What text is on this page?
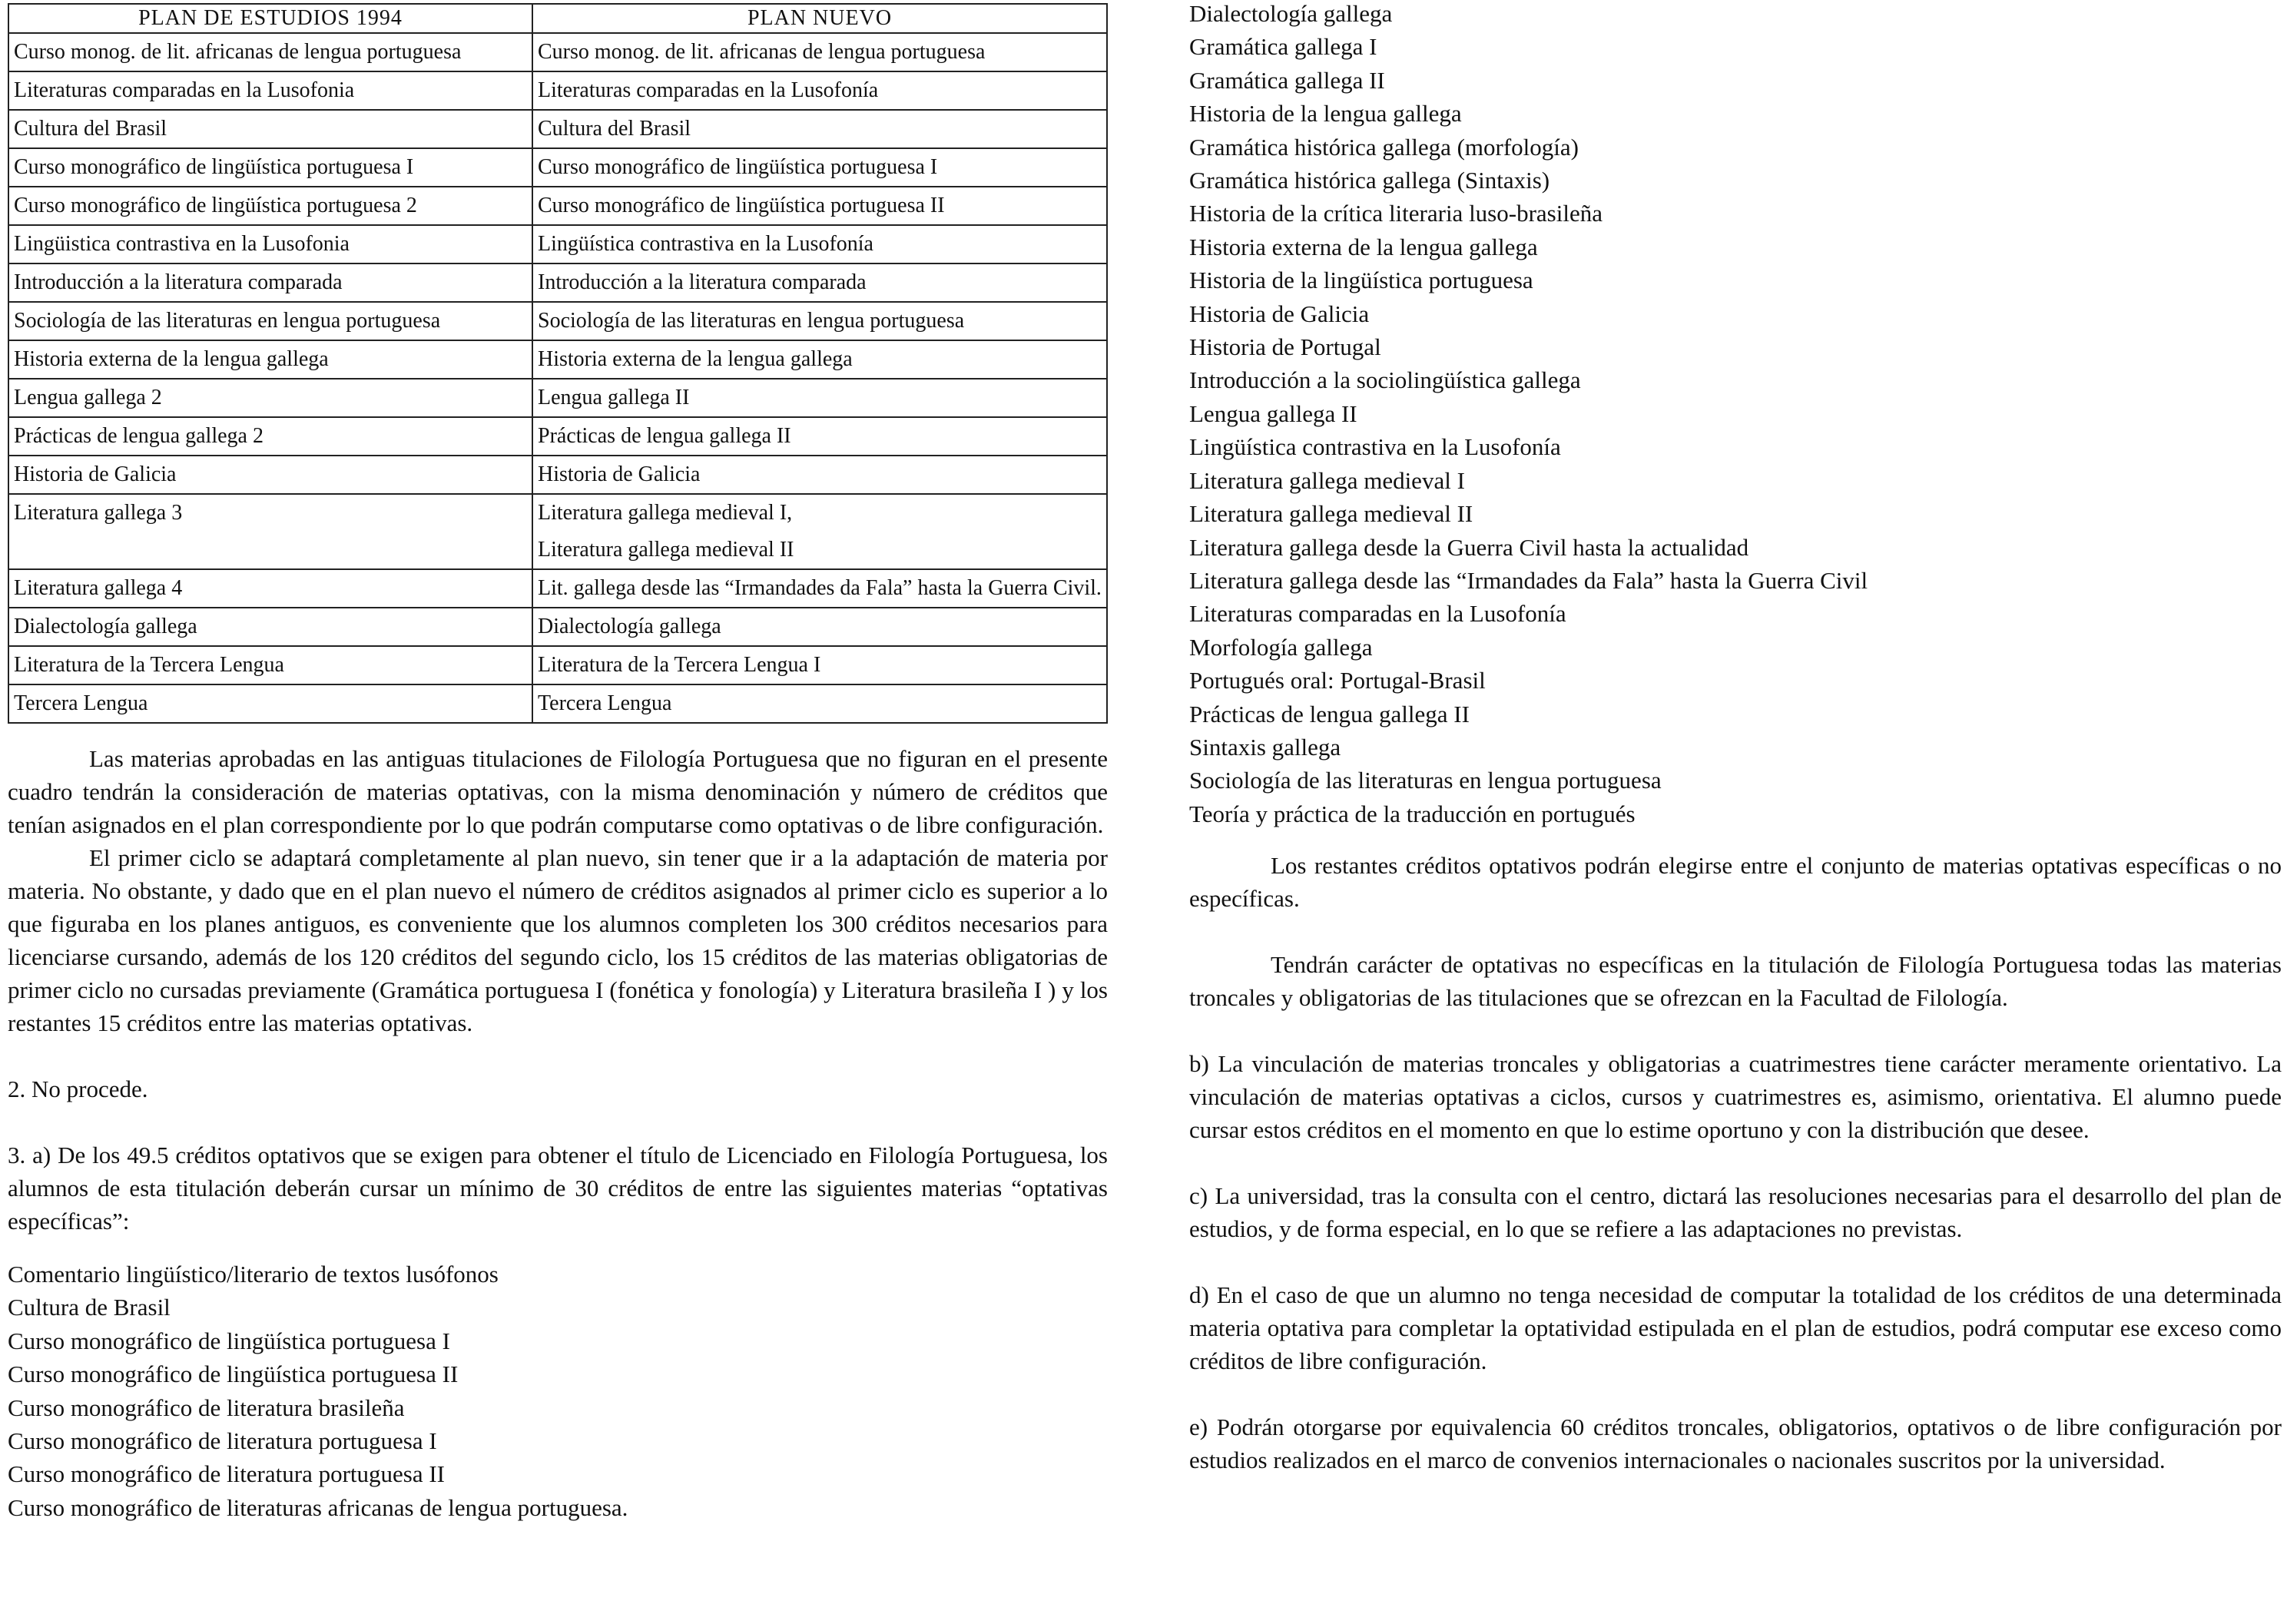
PLAN DE ESTUDIOS 1994	PLAN NUEVO
Curso monog. de lit. africanas de lengua portuguesa	Curso monog. de lit. africanas de lengua portuguesa

Literaturas comparadas en la Lusofonia	Literaturas comparadas en la Lusofonía

Cultura del Brasil	Cultura del Brasil

Curso monográfico de lingüística portuguesa I	Curso monográfico de lingüística portuguesa I

Curso monográfico de lingüística portuguesa 2	Curso monográfico de lingüística portuguesa II

Lingüistica contrastiva en la Lusofonia	Lingüística contrastiva en la Lusofonía

Introducción a la literatura comparada	Introducción a la literatura comparada

Sociología de las literaturas en lengua portuguesa	Sociología de las literaturas en lengua portuguesa

Historia externa de la lengua gallega	Historia externa de la lengua gallega

Lengua gallega 2	Lengua gallega II

Prácticas de lengua gallega 2	Prácticas de lengua gallega II

Historia de Galicia	Historia de Galicia

Literatura gallega 3	Literatura gallega medieval I,
Literatura gallega medieval II

Literatura gallega 4	Lit. gallega desde las “Irmandades da Fala” hasta la Guerra Civil.

Dialectología gallega	Dialectología gallega

Literatura de la Tercera Lengua	Literatura de la Tercera Lengua I

Tercera Lengua	Tercera Lengua

Las materias aprobadas en las antiguas titulaciones de Filología Portuguesa que no figuran en el presente cuadro tendrán la consideración de materias optativas, con la misma denominación y número de créditos que tenían asignados en el plan correspondiente por lo que podrán computarse como optativas o de libre configuración.

El primer ciclo se adaptará completamente al plan nuevo, sin tener que ir a la adaptación de materia por materia. No obstante, y dado que en el plan nuevo el número de créditos asignados al primer ciclo es superior a lo que figuraba en los planes antiguos, es conveniente que los alumnos completen los 300 créditos necesarios para licenciarse cursando, además de los 120 créditos del segundo ciclo, los 15 créditos de las materias obligatorias de primer ciclo no cursadas previamente (Gramática portuguesa I (fonética y fonología) y Literatura brasileña I ) y los restantes 15 créditos entre las materias optativas.

2. No procede.

3. a) De los 49.5 créditos optativos que se exigen para obtener el título de Licenciado en Filología Portuguesa, los alumnos de esta titulación deberán cursar un mínimo de 30 créditos de entre las siguientes materias “optativas específicas”:

Comentario lingüístico/literario de textos lusófonos
Cultura de Brasil
Curso monográfico de lingüística portuguesa I
Curso monográfico de lingüística portuguesa II
Curso monográfico de literatura brasileña
Curso monográfico de literatura portuguesa I
Curso monográfico de literatura portuguesa II
Curso monográfico de literaturas africanas de lengua portuguesa.
Dialectología gallega
Gramática gallega I
Gramática gallega II
Historia de la lengua gallega
Gramática histórica gallega (morfología)
Gramática histórica gallega (Sintaxis)
Historia de la crítica literaria luso-brasileña
Historia externa de la lengua gallega
Historia de la lingüística portuguesa
Historia de Galicia
Historia de Portugal
Introducción a la sociolingüística gallega
Lengua gallega II
Lingüística contrastiva en la Lusofonía
Literatura gallega medieval I
Literatura gallega medieval II
Literatura gallega desde la Guerra Civil hasta la actualidad
Literatura gallega desde las “Irmandades da Fala” hasta la Guerra Civil
Literaturas comparadas en la Lusofonía
Morfología gallega
Portugués oral: Portugal-Brasil
Prácticas de lengua gallega II
Sintaxis gallega
Sociología de las literaturas en lengua portuguesa
Teoría y práctica de la traducción en portugués

Los restantes créditos optativos podrán elegirse entre el conjunto de materias optativas específicas o no específicas.

Tendrán carácter de optativas no específicas en la titulación de Filología Portuguesa todas las materias troncales y obligatorias de las titulaciones que se ofrezcan en la Facultad de Filología.

b) La vinculación de materias troncales y obligatorias a cuatrimestres tiene carácter meramente orientativo. La vinculación de materias optativas a ciclos, cursos y cuatrimestres es, asimismo, orientativa. El alumno puede cursar estos créditos en el momento en que lo estime oportuno y con la distribución que desee.

c) La universidad, tras la consulta con el centro, dictará las resoluciones necesarias para el desarrollo del plan de estudios, y de forma especial, en lo que se refiere a las adaptaciones no previstas.

d) En el caso de que un alumno no tenga necesidad de computar la totalidad de los créditos de una determinada materia optativa para completar la optatividad estipulada en el plan de estudios, podrá computar ese exceso como créditos de libre configuración.

e) Podrán otorgarse por equivalencia 60 créditos troncales, obligatorios, optativos o de libre configuración por estudios realizados en el marco de convenios internacionales o nacionales suscritos por la universidad.
